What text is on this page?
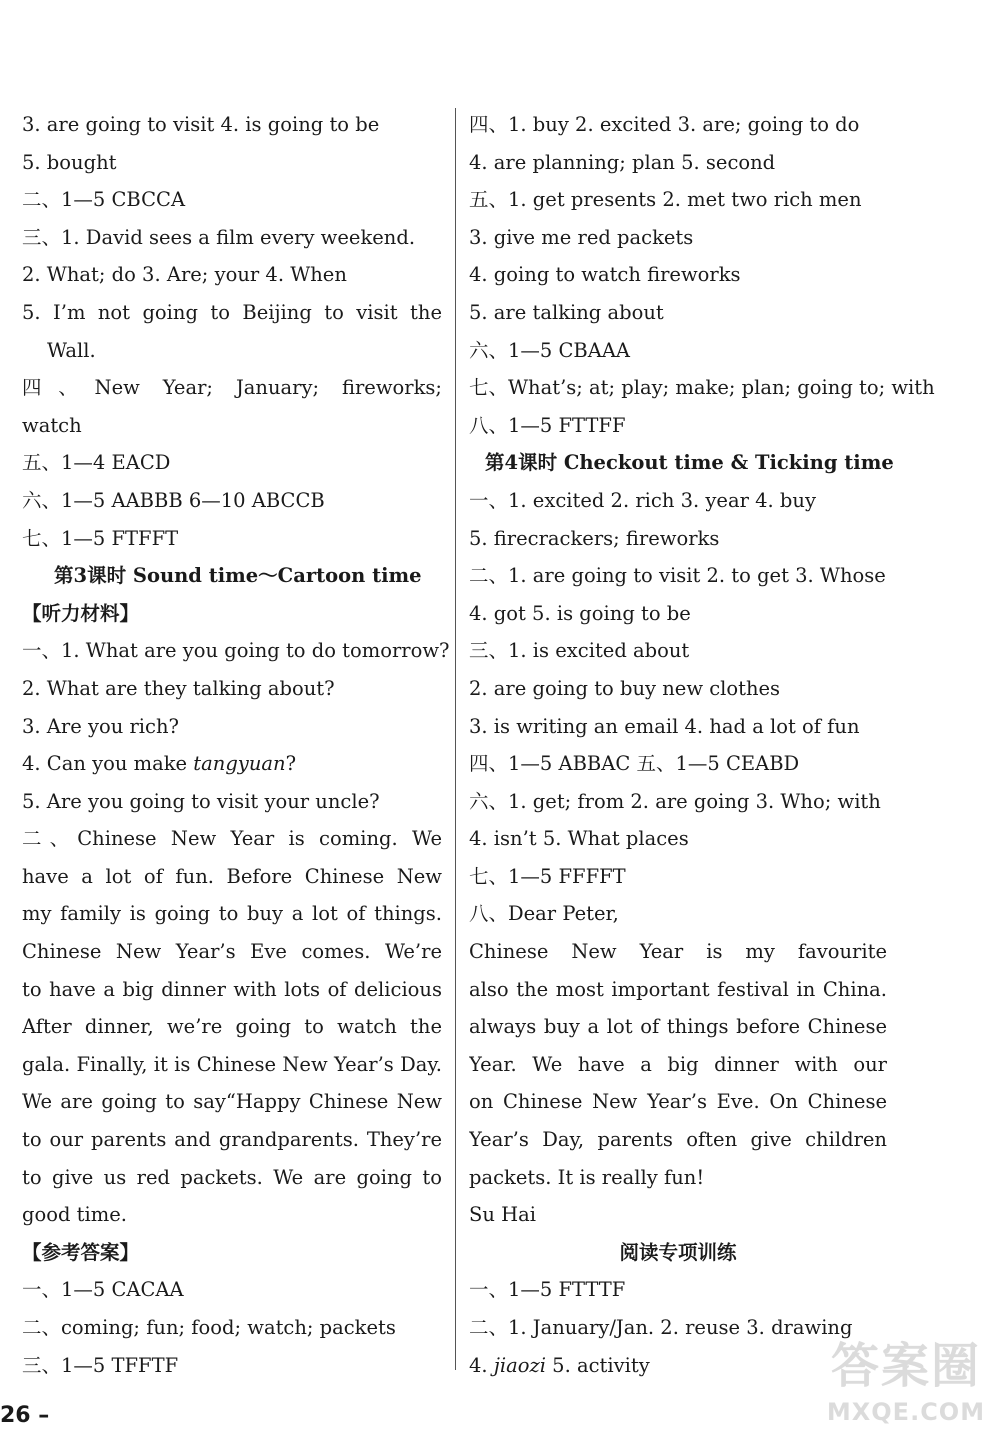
3. are going to visit 4. is going to be
5. bought
二、1—5 CBCCA
三、1. David sees a film every weekend.
2. What; do 3. Are; your 4. When
5. I’m not going to Beijing to visit the
Wall.
四、New Year; January; fireworks;
watch
五、1—4 EACD
六、1—5 AABBB 6—10 ABCCB
七、1—5 FTFFT
第3课时 Sound time～Cartoon time
【听力材料】
一、1. What are you going to do tomorrow?
2. What are they talking about?
3. Are you rich?
4. Can you make tangyuan?
5. Are you going to visit your uncle?
二、Chinese New Year is coming. We
have a lot of fun. Before Chinese New
my family is going to buy a lot of things.
Chinese New Year’s Eve comes. We’re
to have a big dinner with lots of delicious
After dinner, we’re going to watch the
gala. Finally, it is Chinese New Year’s Day.
We are going to say“Happy Chinese New
to our parents and grandparents. They’re
to give us red packets. We are going to
good time.
【参考答案】
一、1—5 CACAA
二、coming; fun; food; watch; packets
三、1—5 TFFTF
四、1. buy 2. excited 3. are; going to do
4. are planning; plan 5. second
五、1. get presents 2. met two rich men
3. give me red packets
4. going to watch fireworks
5. are talking about
六、1—5 CBAAA
七、What’s; at; play; make; plan; going to; with
八、1—5 FTTFF
第4课时 Checkout time & Ticking time
一、1. excited 2. rich 3. year 4. buy
5. firecrackers; fireworks
二、1. are going to visit 2. to get 3. Whose
4. got 5. is going to be
三、1. is excited about
2. are going to buy new clothes
3. is writing an email 4. had a lot of fun
四、1—5 ABBAC 五、1—5 CEABD
六、1. get; from 2. are going 3. Who; with
4. isn’t 5. What places
七、1—5 FFFFT
八、Dear Peter,
Chinese New Year is my favourite
also the most important festival in China.
always buy a lot of things before Chinese
Year. We have a big dinner with our
on Chinese New Year’s Eve. On Chinese
Year’s Day, parents often give children
packets. It is really fun!
Su Hai
阅读专项训练
一、1—5 FTTTF
二、1. January/Jan. 2. reuse 3. drawing
4. jiaozi 5. activity
26 –
答案圈
MXQE.COM
